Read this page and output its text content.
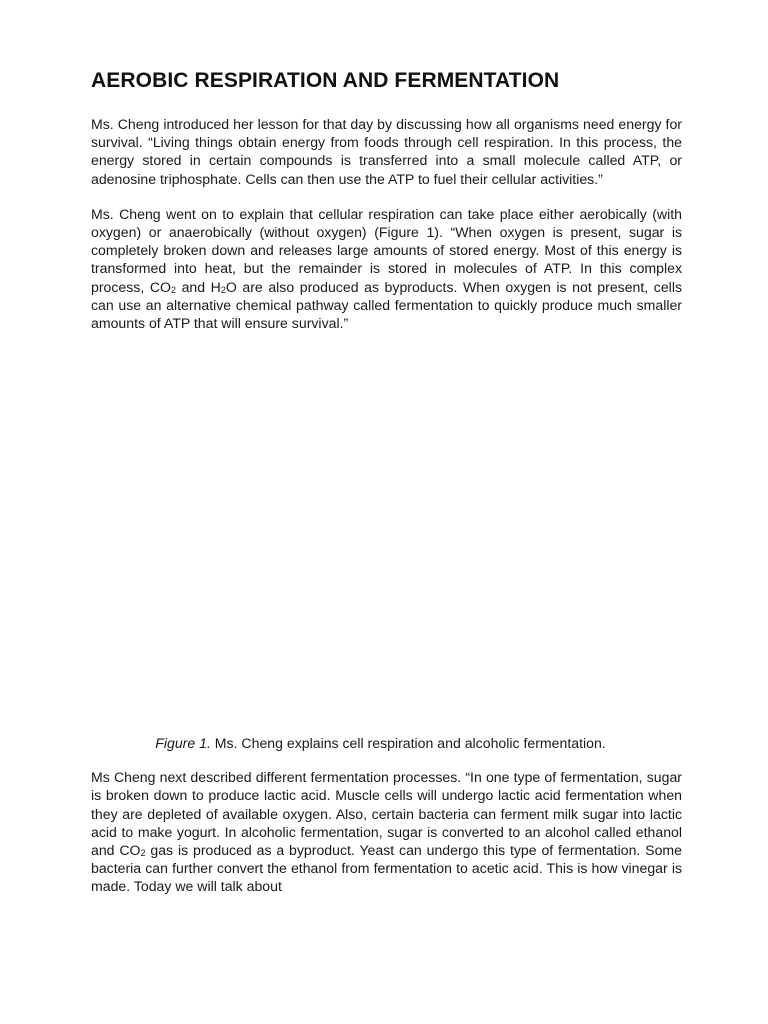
AEROBIC RESPIRATION AND FERMENTATION

Ms. Cheng introduced her lesson for that day by discussing how all organisms need energy for survival. “Living things obtain energy from foods through cell respiration. In this process, the energy stored in certain compounds is transferred into a small molecule called ATP, or adenosine triphosphate. Cells can then use the ATP to fuel their cellular activities.”

Ms. Cheng went on to explain that cellular respiration can take place either aerobically (with oxygen) or anaerobically (without oxygen) (Figure 1). “When oxygen is present, sugar is completely broken down and releases large amounts of stored energy. Most of this energy is transformed into heat, but the remainder is stored in molecules of ATP. In this complex process, $CO_2$ and $H_2O$ are also produced as byproducts. When oxygen is not present, cells can use an alternative chemical pathway called fermentation to quickly produce much smaller amounts of ATP that will ensure survival.”

Figure 1. Ms. Cheng explains cell respiration and alcoholic fermentation.

Ms Cheng next described different fermentation processes. “In one type of fermentation, sugar is broken down to produce lactic acid. Muscle cells will undergo lactic acid fermentation when they are depleted of available oxygen. Also, certain bacteria can ferment milk sugar into lactic acid to make yogurt. In alcoholic fermentation, sugar is converted to an alcohol called ethanol and $CO_2$ gas is produced as a byproduct. Yeast can undergo this type of fermentation. Some bacteria can further convert the ethanol from fermentation to acetic acid. This is how vinegar is made. Today we will talk about
